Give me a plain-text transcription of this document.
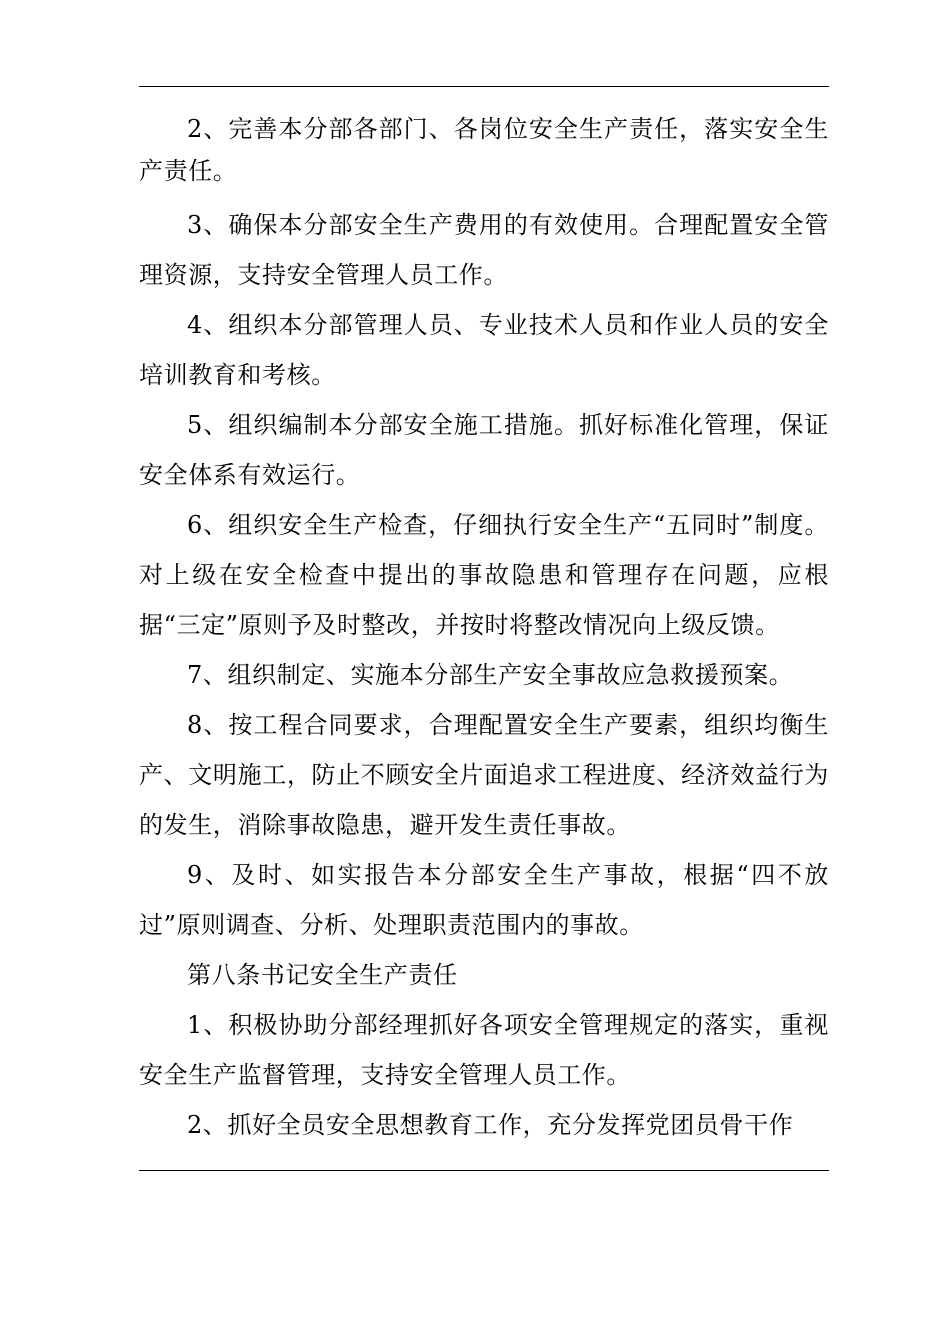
2、完善本分部各部门、各岗位安全生产责任，落实安全生产责任。

3、确保本分部安全生产费用的有效使用。合理配置安全管理资源，支持安全管理人员工作。

4、组织本分部管理人员、专业技术人员和作业人员的安全培训教育和考核。

5、组织编制本分部安全施工措施。抓好标准化管理，保证安全体系有效运行。

6、组织安全生产检查，仔细执行安全生产“五同时”制度。对上级在安全检查中提出的事故隐患和管理存在问题，应根据“三定”原则予及时整改，并按时将整改情况向上级反馈。

7、组织制定、实施本分部生产安全事故应急救援预案。

8、按工程合同要求，合理配置安全生产要素，组织均衡生产、文明施工，防止不顾安全片面追求工程进度、经济效益行为的发生，消除事故隐患，避开发生责任事故。

9、及时、如实报告本分部安全生产事故，根据“四不放过”原则调查、分析、处理职责范围内的事故。

第八条书记安全生产责任

1、积极协助分部经理抓好各项安全管理规定的落实，重视安全生产监督管理，支持安全管理人员工作。

2、抓好全员安全思想教育工作，充分发挥党团员骨干作
